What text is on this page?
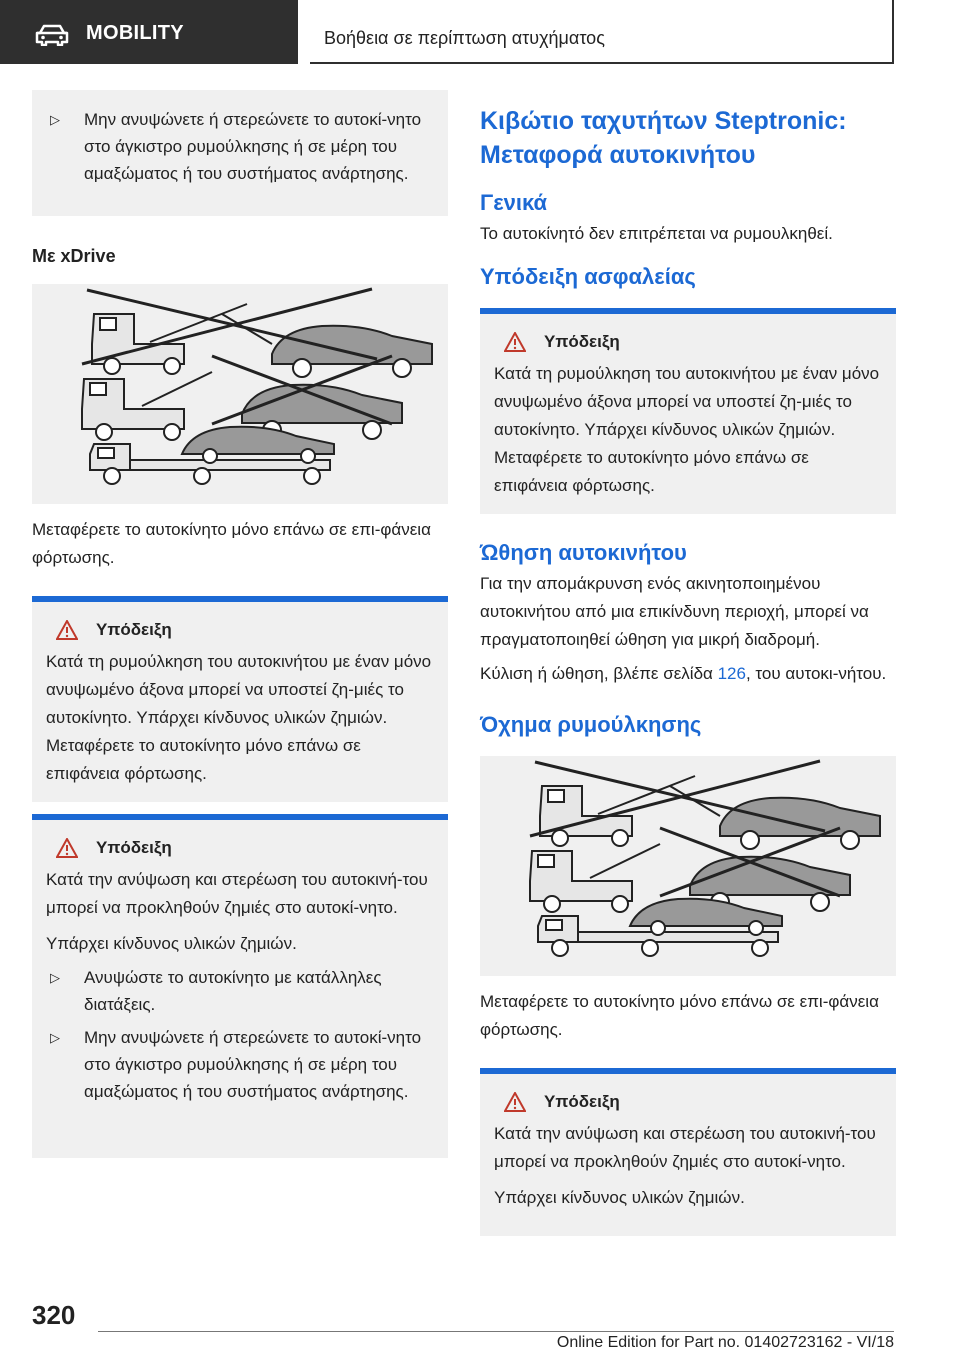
MOBILITY	Βοήθεια σε περίπτωση ατυχήματος
▷	Μην ανυψώνετε ή στερεώνετε το αυτοκί‐νητο στο άγκιστρο ρυμούλκησης ή σε μέρη του αμαξώματος ή του συστήματος ανάρτησης.
Με xDrive
Μεταφέρετε το αυτοκίνητο μόνο επάνω σε επι‐φάνεια φόρτωσης.
Υπόδειξη
Κατά τη ρυμούλκηση του αυτοκινήτου με έναν μόνο ανυψωμένο άξονα μπορεί να υποστεί ζη‐μιές το αυτοκίνητο. Υπάρχει κίνδυνος υλικών ζημιών. Μεταφέρετε το αυτοκίνητο μόνο επάνω σε επιφάνεια φόρτωσης.
Υπόδειξη
Κατά την ανύψωση και στερέωση του αυτοκινή‐του μπορεί να προκληθούν ζημιές στο αυτοκί‐νητο.
Υπάρχει κίνδυνος υλικών ζημιών.
▷	Ανυψώστε το αυτοκίνητο με κατάλληλες διατάξεις.
▷	Μην ανυψώνετε ή στερεώνετε το αυτοκί‐νητο στο άγκιστρο ρυμούλκησης ή σε μέρη του αμαξώματος ή του συστήματος ανάρτησης.
Κιβώτιο ταχυτήτων Steptronic: Μεταφορά αυτοκινήτου
Γενικά
Το αυτοκίνητό δεν επιτρέπεται να ρυμουλκηθεί.
Υπόδειξη ασφαλείας
Υπόδειξη
Κατά τη ρυμούλκηση του αυτοκινήτου με έναν μόνο ανυψωμένο άξονα μπορεί να υποστεί ζη‐μιές το αυτοκίνητο. Υπάρχει κίνδυνος υλικών ζημιών. Μεταφέρετε το αυτοκίνητο μόνο επάνω σε επιφάνεια φόρτωσης.
Ώθηση αυτοκινήτου
Για την απομάκρυνση ενός ακινητοποιημένου αυτοκινήτου από μια επικίνδυνη περιοχή, μπορεί να πραγματοποιηθεί ώθηση για μικρή διαδρομή.
Κύλιση ή ώθηση, βλέπε σελίδα 126, του αυτοκι‐νήτου.
Όχημα ρυμούλκησης
Μεταφέρετε το αυτοκίνητο μόνο επάνω σε επι‐φάνεια φόρτωσης.
Υπόδειξη
Κατά την ανύψωση και στερέωση του αυτοκινή‐του μπορεί να προκληθούν ζημιές στο αυτοκί‐νητο.
Υπάρχει κίνδυνος υλικών ζημιών.
320
Online Edition for Part no. 01402723162 - VI/18
